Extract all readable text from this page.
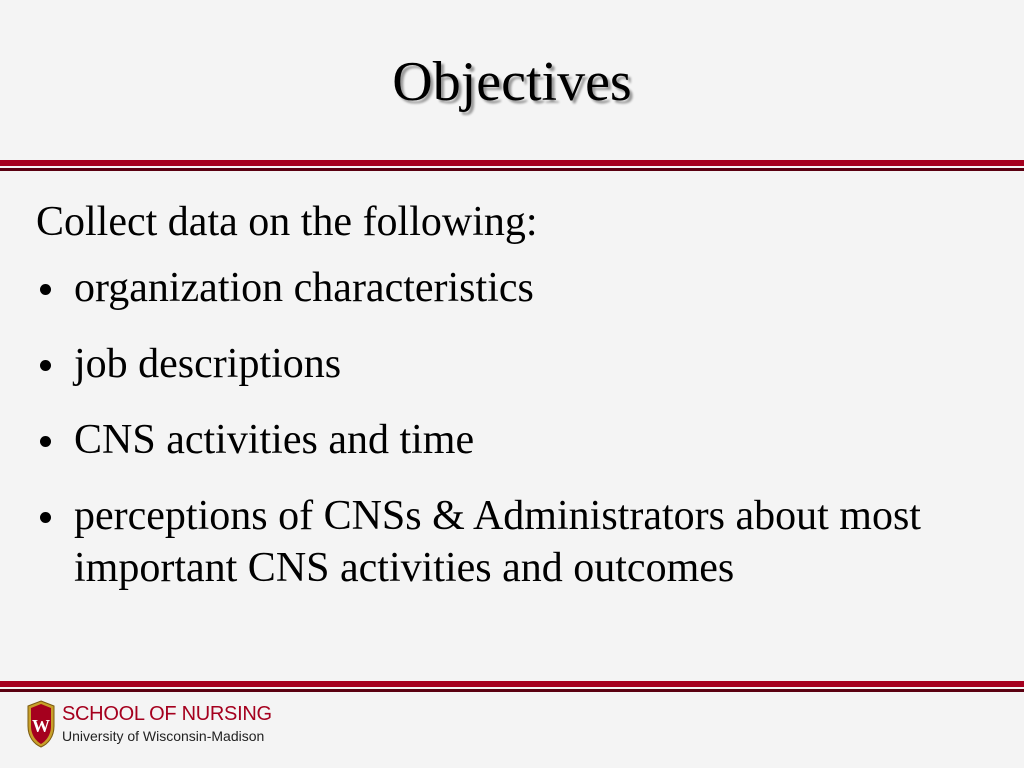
Objectives
Collect data on the following:
organization characteristics
job descriptions
CNS activities and time
perceptions of CNSs & Administrators about most important CNS activities and outcomes
W
SCHOOL OF NURSING
University of Wisconsin-Madison
